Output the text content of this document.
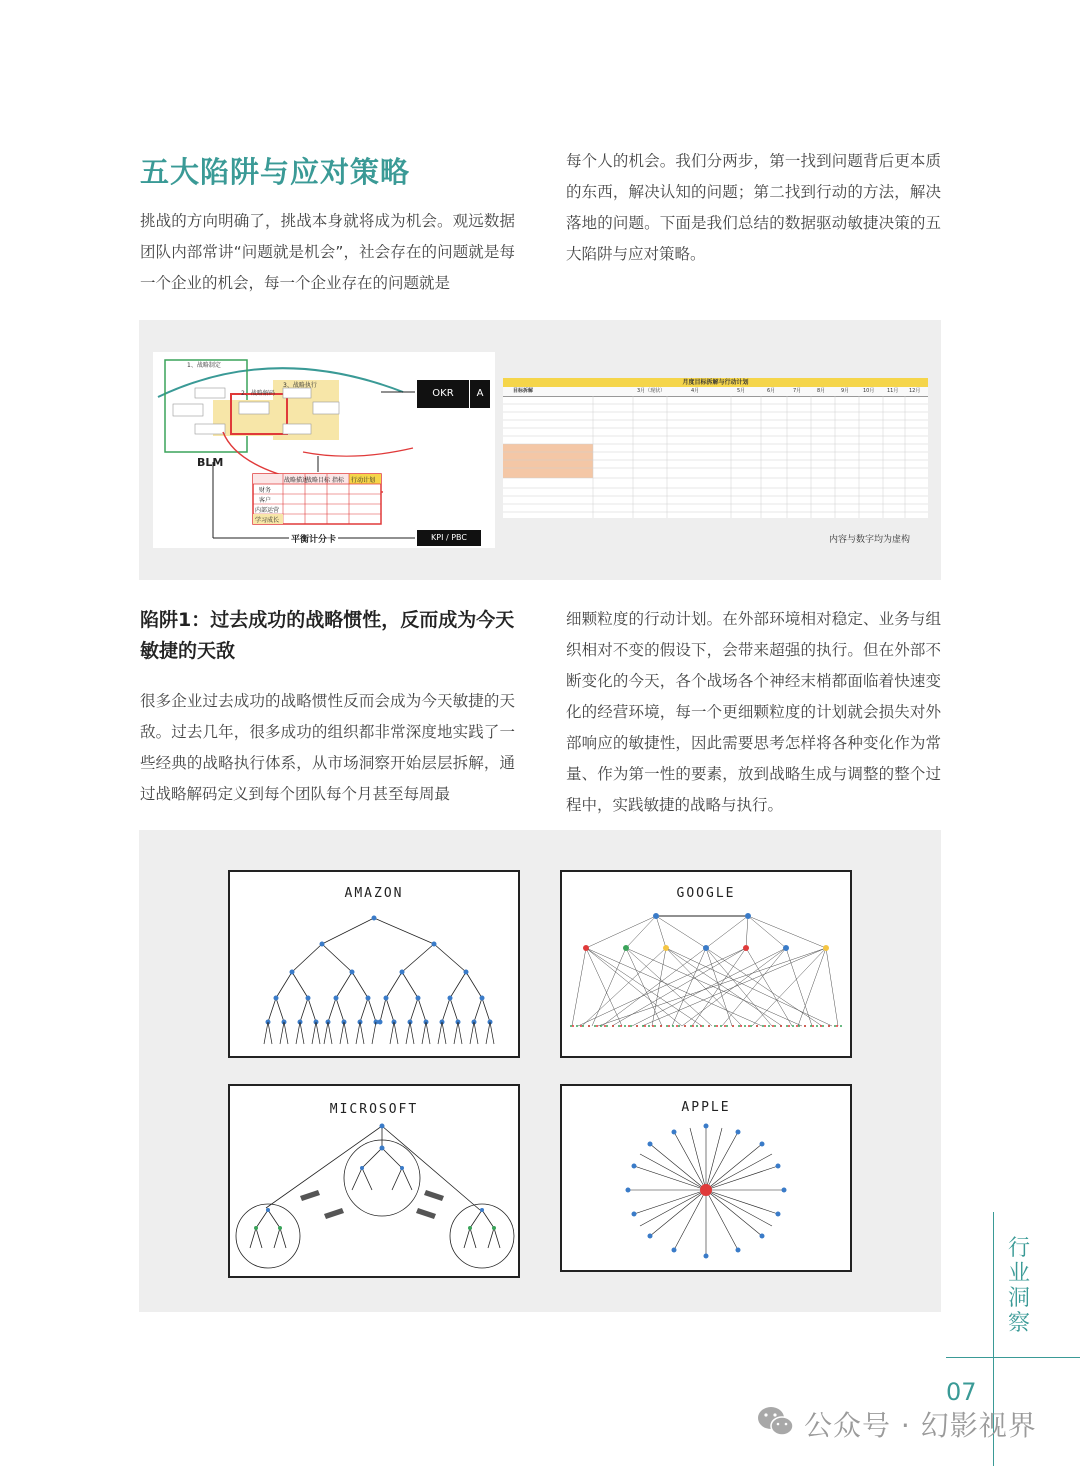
五大陷阱与应对策略

挑战的方向明确了，挑战本身就将成为机会。观远数据团队内部常讲“问题就是机会”，社会存在的问题就是每一个企业的机会，每一个企业存在的问题就是

每个人的机会。我们分两步，第一找到问题背后更本质的东西，解决认知的问题；第二找到行动的方法，解决落地的问题。下面是我们总结的数据驱动敏捷决策的五大陷阱与应对策略。

1、战略制定
2、战略解码
3、战略执行
BLM
战略描述
战略目标 指标 行动计划
财务
客户
内部运营
学习成长
平衡计分卡
OKR	A
KPI / PBC
月度目标拆解与行动计划
目标拆解	3月（现状）	4月	5月	6月	7月	8月	9月	10月	11月 12月
内容与数字均为虚构
陷阱1：过去成功的战略惯性，反而成为今天敏捷的天敌

很多企业过去成功的战略惯性反而会成为今天敏捷的天敌。过去几年，很多成功的组织都非常深度地实践了一些经典的战略执行体系，从市场洞察开始层层拆解，通过战略解码定义到每个团队每个月甚至每周最

细颗粒度的行动计划。在外部环境相对稳定、业务与组织相对不变的假设下，会带来超强的执行。但在外部不断变化的今天，各个战场各个神经末梢都面临着快速变化的经营环境，每一个更细颗粒度的计划就会损失对外部响应的敏捷性，因此需要思考怎样将各种变化作为常量、作为第一性的要素，放到战略生成与调整的整个过程中，实践敏捷的战略与执行。

AMAZON	GOOGLE
MICROSOFT	APPLE
行
业
洞
察
07
公众号 · 幻影视界
